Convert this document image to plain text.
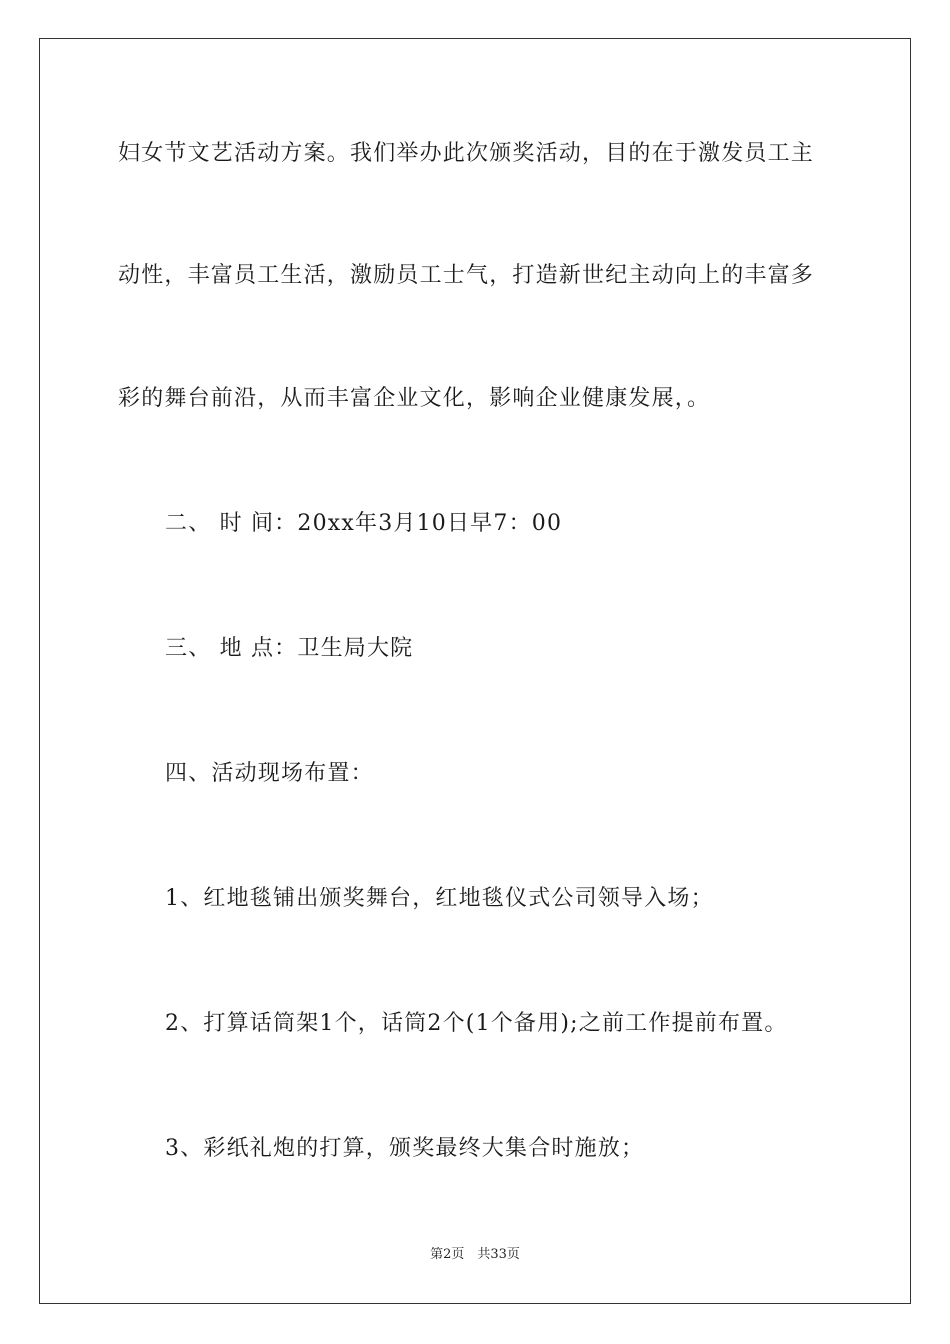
妇女节文艺活动方案。我们举办此次颁奖活动，目的在于激发员工主
动性，丰富员工生活，激励员工士气，打造新世纪主动向上的丰富多
彩的舞台前沿，从而丰富企业文化，影响企业健康发展，。
二、 时 间：20xx年3月10日早7：00
三、 地 点：卫生局大院
四、活动现场布置：
1、红地毯铺出颁奖舞台，红地毯仪式公司领导入场；
2、打算话筒架1个，话筒2个(1个备用);之前工作提前布置。
3、彩纸礼炮的打算，颁奖最终大集合时施放；
第2页　共33页
